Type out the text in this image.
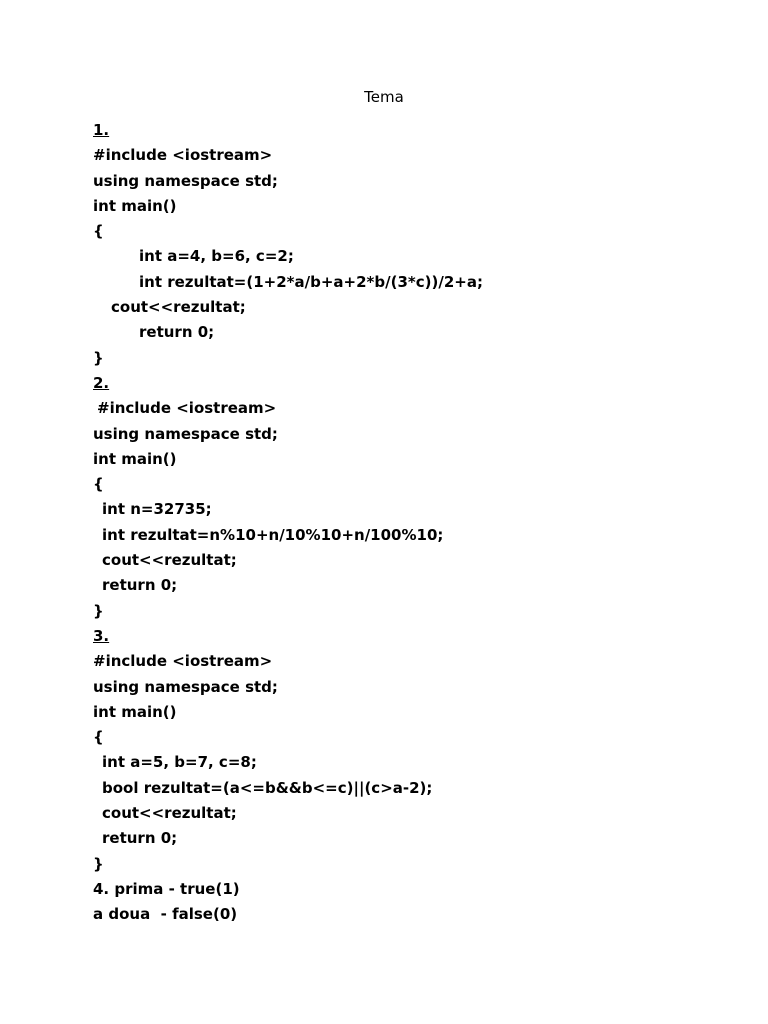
Tema
1.
#include <iostream>
using namespace std;
int main()
{
int a=4, b=6, c=2;
int rezultat=(1+2*a/b+a+2*b/(3*c))/2+a;
cout<<rezultat;
return 0;
}
2.
#include <iostream>
using namespace std;
int main()
{
int n=32735;
int rezultat=n%10+n/10%10+n/100%10;
cout<<rezultat;
return 0;
}
3.
#include <iostream>
using namespace std;
int main()
{
int a=5, b=7, c=8;
bool rezultat=(a<=b&&b<=c)||(c>a-2);
cout<<rezultat;
return 0;
}
4. prima - true(1)
a doua  - false(0)
